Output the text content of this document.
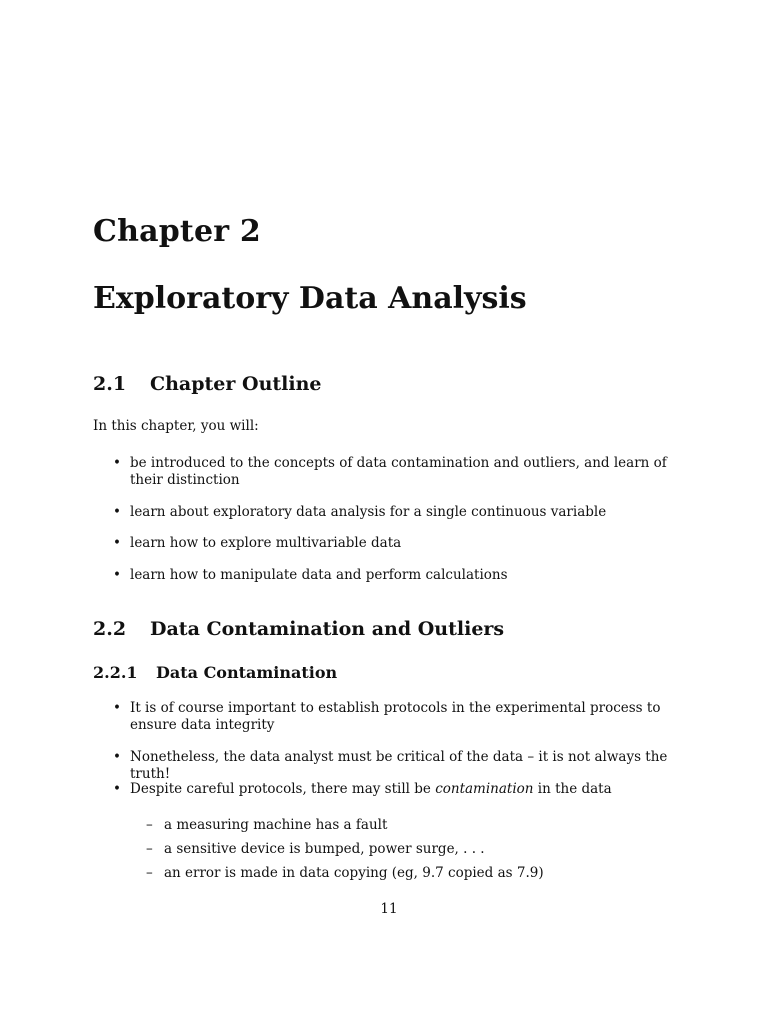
Chapter 2
Exploratory Data Analysis
2.1 Chapter Outline
In this chapter, you will:
• be introduced to the concepts of data contamination and outliers, and learn of their distinction
• learn about exploratory data analysis for a single continuous variable
• learn how to explore multivariable data
• learn how to manipulate data and perform calculations
2.2 Data Contamination and Outliers
2.2.1 Data Contamination
• It is of course important to establish protocols in the experimental process to ensure data integrity
• Nonetheless, the data analyst must be critical of the data – it is not always the truth!
• Despite careful protocols, there may still be contamination in the data
– a measuring machine has a fault
– a sensitive device is bumped, power surge, . . .
– an error is made in data copying (eg, 9.7 copied as 7.9)
11
